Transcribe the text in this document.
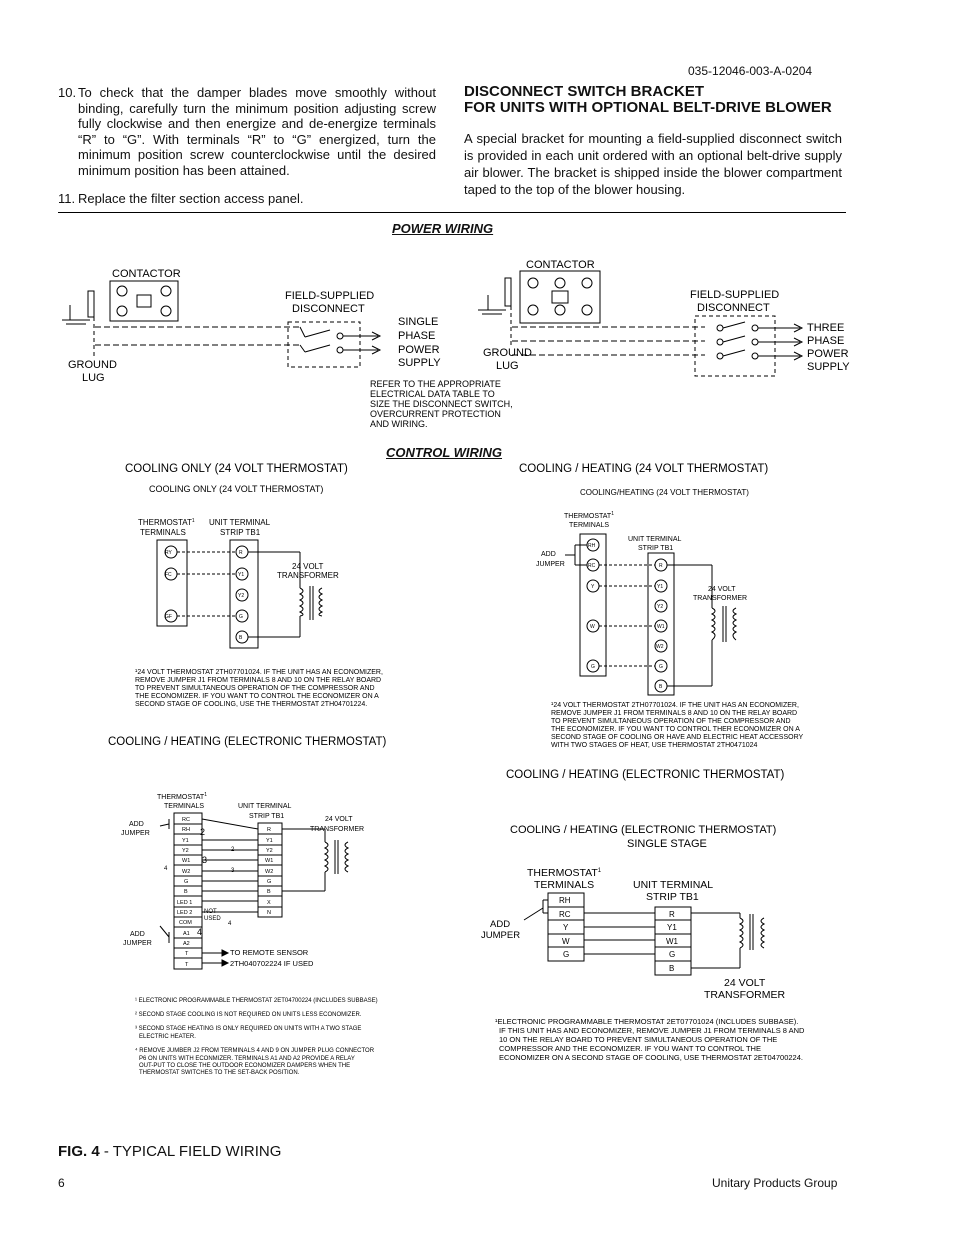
035-12046-003-A-0204
10. To check that the damper blades move smoothly without binding, carefully turn the minimum position adjusting screw fully clockwise and then energize and de-energize terminals “R” to “G”. With terminals “R” to “G” energized, turn the minimum position screw counterclockwise until the desired minimum position has been attained.
11. Replace the filter section access panel.
DISCONNECT SWITCH BRACKET
FOR UNITS WITH OPTIONAL BELT-DRIVE BLOWER
A special bracket for mounting a field-supplied disconnect switch is provided in each unit ordered with an optional belt-drive supply air blower. The bracket is shipped inside the blower compartment taped to the top of the blower housing.
POWER WIRING
CONTACTOR
GROUND
LUG
FIELD-SUPPLIED
DISCONNECT
SINGLE
PHASE
POWER
SUPPLY
CONTACTOR
GROUND
LUG
FIELD-SUPPLIED
DISCONNECT
THREE
PHASE
POWER
SUPPLY
REFER TO THE APPROPRIATE
ELECTRICAL DATA TABLE TO
SIZE THE DISCONNECT SWITCH,
OVERCURRENT PROTECTION
AND WIRING.
COOLING ONLY (24 VOLT THERMOSTAT)
COOLING ONLY (24 VOLT THERMOSTAT)
THERMOSTAT$^1$
TERMINALS
UNIT TERMINAL
STRIP TB1
24 VOLT
TRANSFORMER
RY
FC
GF
R
Y1
Y2
G
B
¹24 VOLT THERMOSTAT 2TH07701024. IF THE UNIT HAS AN ECONOMIZER,
REMOVE JUMPER J1 FROM TERMINALS 8 AND 10 ON THE RELAY BOARD
TO PREVENT SIMULTANEOUS OPERATION OF THE COMPRESSOR AND
THE ECONOMIZER. IF YOU WANT TO CONTROL THE ECONOMIZER ON A
SECOND STAGE OF COOLING, USE THE THERMOSTAT 2TH04701224.
COOLING / HEATING (24 VOLT THERMOSTAT)
COOLING/HEATING (24 VOLT THERMOSTAT)
THERMOSTAT$^1$
TERMINALS
UNIT TERMINAL
STRIP TB1
24 VOLT
TRANSFORMER
ADD
JUMPER
RH
RC
Y
W
G
R
Y1
Y2
W1
W2
G
B
¹24 VOLT THERMOSTAT 2TH07701024. IF THE UNIT HAS AN ECONOMIZER,
REMOVE JUMPER J1 FROM TERMINALS 8 AND 10 ON THE RELAY BOARD
TO PREVENT SIMULTANEOUS OPERATION OF THE COMPRESSOR AND
THE ECONOMIZER. IF YOU WANT TO CONTROL THER ECONOMIZER ON A
SECOND STAGE OF COOLING OR HAVE AND ELECTRIC HEAT ACCESSORY
WITH TWO STAGES OF HEAT, USE THERMOSTAT 2TH0471024
COOLING / HEATING (ELECTRONIC THERMOSTAT)
THERMOSTAT$^1$
TERMINALS	UNIT TERMINAL
STRIP TB1	24 VOLT
TRANSFORMER
ADD
JUMPER
ADD
JUMPER
RC
RH
Y1
Y2
W1
W2
G
B
LED 1
LED 2
COM
A1
A2
T
T
R
Y1
Y2
W1
W2
G
B
X
N
2
3
4
4
2
3
4
NOT
USED
TO REMOTE SENSOR
2TH040702224 IF USED
¹ ELECTRONIC PROGRAMMABLE THERMOSTAT 2ET04700224 (INCLUDES SUBBASE)
² SECOND STAGE COOLING IS NOT REQUIRED ON UNITS LESS ECONOMIZER.
³ SECOND STAGE HEATING IS ONLY REQUIRED ON UNITS WITH A TWO STAGE
ELECTRIC HEATER.
⁴ REMOVE JUMBER J2 FROM TERMINALS 4 AND 9 ON JUMPER PLUG CONNECTOR
P6 ON UNITS WITH ECONMIZER. TERMINALS A1 AND A2 PROVIDE A RELAY
OUT-PUT TO CLOSE THE OUTDOOR ECONOMIZER DAMPERS WHEN THE
THERMOSTAT SWITCHES TO THE SET-BACK POSITION.
COOLING / HEATING (ELECTRONIC THERMOSTAT)
COOLING / HEATING (ELECTRONIC THERMOSTAT)
SINGLE STAGE
THERMOSTAT$^1$
TERMINALS	UNIT TERMINAL
STRIP TB1
24 VOLT
TRANSFORMER
ADD
JUMPER
RH
RC
Y
W
G
R
Y1
W1
G
B
¹ELECTRONIC PROGRAMMABLE THERMOSTAT 2ET07701024 (INCLUDES SUBBASE).
IF THIS UNIT HAS AND ECONOMIZER, REMOVE JUMPER J1 FROM TERMINALS 8 AND
10 ON THE RELAY BOARD TO PREVENT SIMULTANEOUS OPERATION OF THE
COMPRESSOR AND THE ECONOMIZER. IF YOU WANT TO CONTROL THE
ECONOMIZER ON A SECOND STAGE OF COOLING, USE THERMOSTAT 2ET04700224.
CONTROL WIRING
FIG. 4 - TYPICAL FIELD WIRING
6	Unitary Products Group
